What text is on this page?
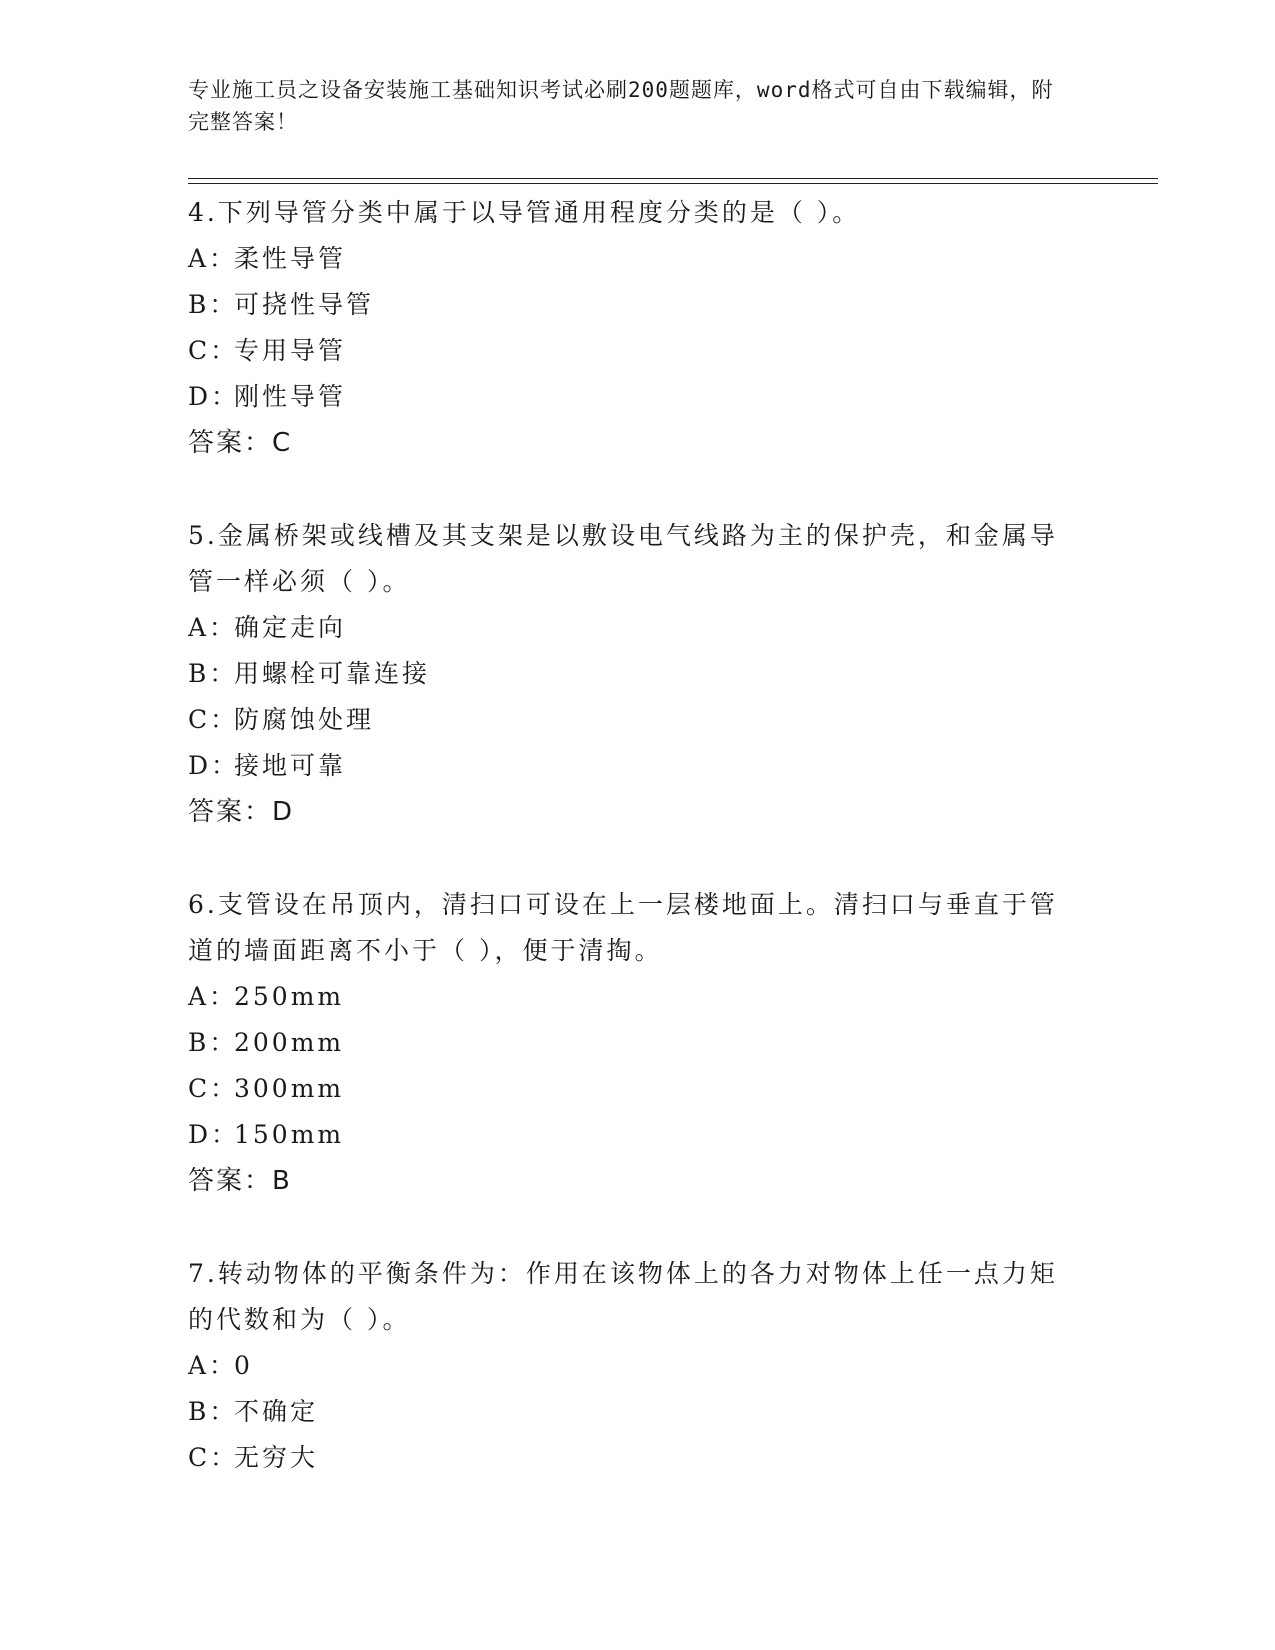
专业施工员之设备安装施工基础知识考试必刷200题题库，word格式可自由下载编辑，附完整答案！

4.下列导管分类中属于以导管通用程度分类的是（ ）。

A：柔性导管

B：可挠性导管

C：专用导管

D：刚性导管

答案：C

5.金属桥架或线槽及其支架是以敷设电气线路为主的保护壳，和金属导管一样必须（ ）。

A：确定走向

B：用螺栓可靠连接

C：防腐蚀处理

D：接地可靠

答案：D

6.支管设在吊顶内，清扫口可设在上一层楼地面上。清扫口与垂直于管道的墙面距离不小于（ ），便于清掏。

A：250mm

B：200mm

C：300mm

D：150mm

答案：B

7.转动物体的平衡条件为：作用在该物体上的各力对物体上任一点力矩的代数和为（ ）。

A：0

B：不确定

C：无穷大
